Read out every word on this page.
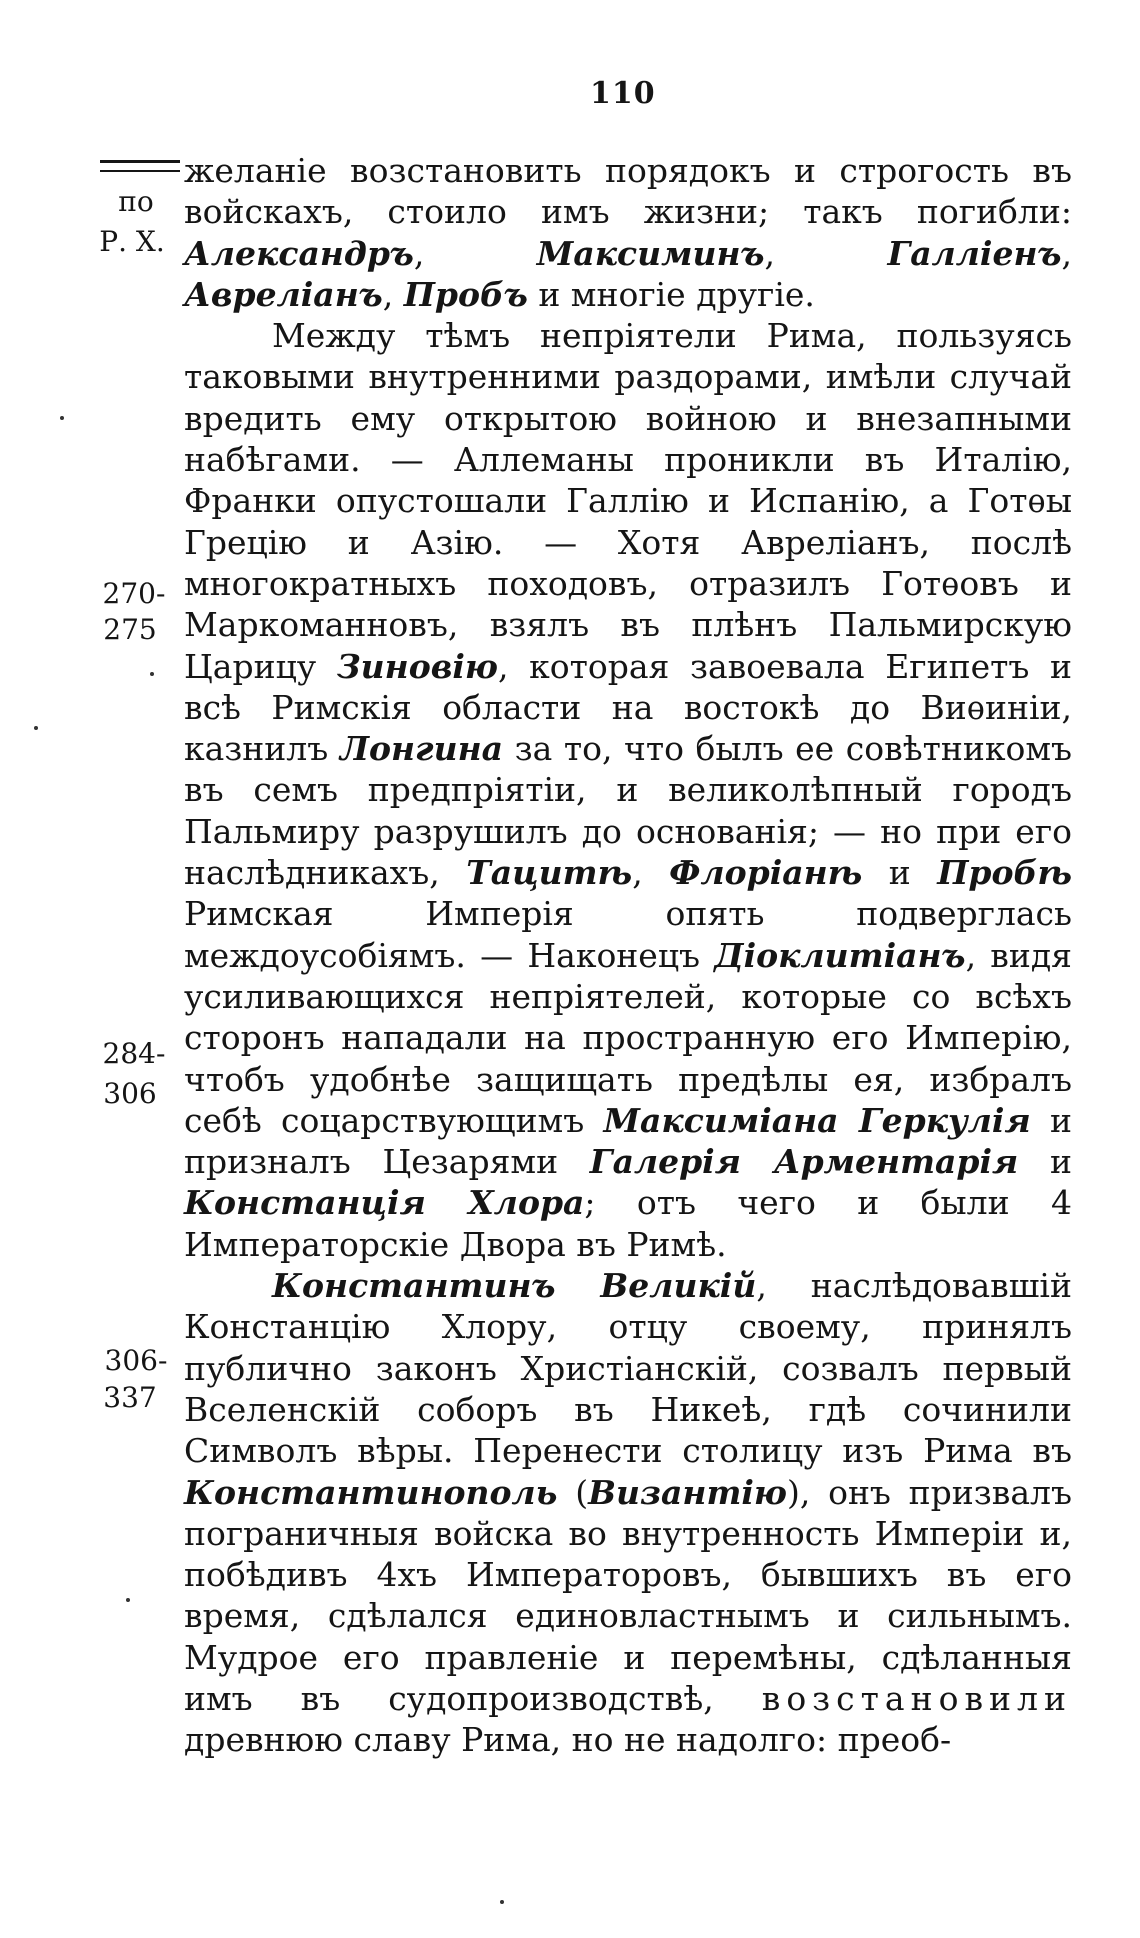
110
по
Р. Х.
270-
275
284-
306
306-
337

желаніе возстановить порядокъ и строгость въ войскахъ, стоило имъ жизни; такъ погибли: Александръ, Максиминъ, Галліенъ, Авреліанъ, Пробъ и многіе другіе.

Между тѣмъ непріятели Рима, пользуясь таковыми внутренними раздорами, имѣли случай вредить ему открытою войною и внезапными набѣгами. — Аллеманы проникли въ Италію, Франки опустошали Галлію и Испанію, а Готѳы Грецію и Азію. — Хотя Авреліанъ, послѣ многократныхъ походовъ, отразилъ Готѳовъ и Маркоманновъ, взялъ въ плѣнъ Пальмирскую Царицу Зиновію, которая завоевала Египетъ и всѣ Римскія области на востокѣ до Виѳиніи, казнилъ Лонгина за то, что былъ ее совѣтникомъ въ семъ предпріятіи, и великолѣпный городъ Пальмиру разрушилъ до основанія; — но при его наслѣдникахъ, Тацитѣ, Флоріанѣ и Пробѣ Римская Имперія опять подверглась междоусобіямъ. — Наконецъ Діоклитіанъ, видя усиливающихся непріятелей, которые со всѣхъ сторонъ нападали на пространную его Имперію, чтобъ удобнѣе защищать предѣлы ея, избралъ себѣ соцарствующимъ Максиміана Геркулія и призналъ Цезарями Галерія Арментарія и Констанція Хлора; отъ чего и были 4 Императорскіе Двора въ Римѣ.

Константинъ Великій, наслѣдовавшій Констанцію Хлору, отцу своему, принялъ публично законъ Христіанскій, созвалъ первый Вселенскій соборъ въ Никеѣ, гдѣ сочинили Символъ вѣры. Перенести столицу изъ Рима въ Константинополь (Византію), онъ призвалъ пограничныя войска во внутренность Имперіи и, побѣдивъ 4хъ Императоровъ, бывшихъ въ его время, сдѣлался единовластнымъ и сильнымъ. Мудрое его правленіе и перемѣны, сдѣланныя имъ въ судопроизводствѣ, возстановили древнюю славу Рима, но не надолго: преоб-
